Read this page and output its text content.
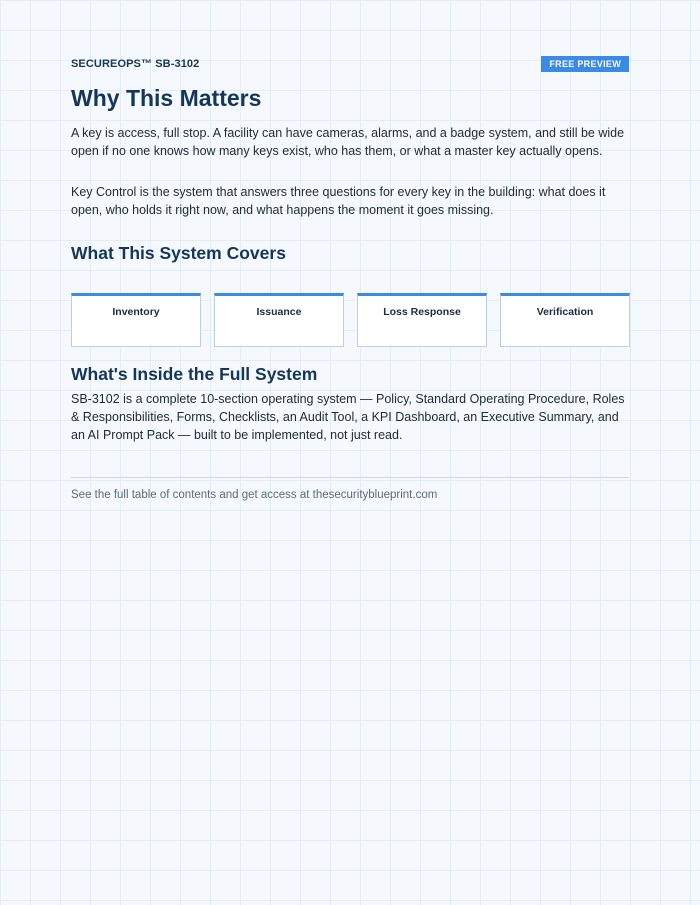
SECUREOPS™ SB-3102	FREE PREVIEW
Why This Matters

A key is access, full stop. A facility can have cameras, alarms, and a badge system, and still be wide open if no one knows how many keys exist, who has them, or what a master key actually opens.

Key Control is the system that answers three questions for every key in the building: what does it open, who holds it right now, and what happens the moment it goes missing.

What This System Covers
Inventory	Issuance	Loss Response	Verification
What's Inside the Full System

SB-3102 is a complete 10-section operating system — Policy, Standard Operating Procedure, Roles & Responsibilities, Forms, Checklists, an Audit Tool, a KPI Dashboard, an Executive Summary, and an AI Prompt Pack — built to be implemented, not just read.

See the full table of contents and get access at thesecurityblueprint.com
